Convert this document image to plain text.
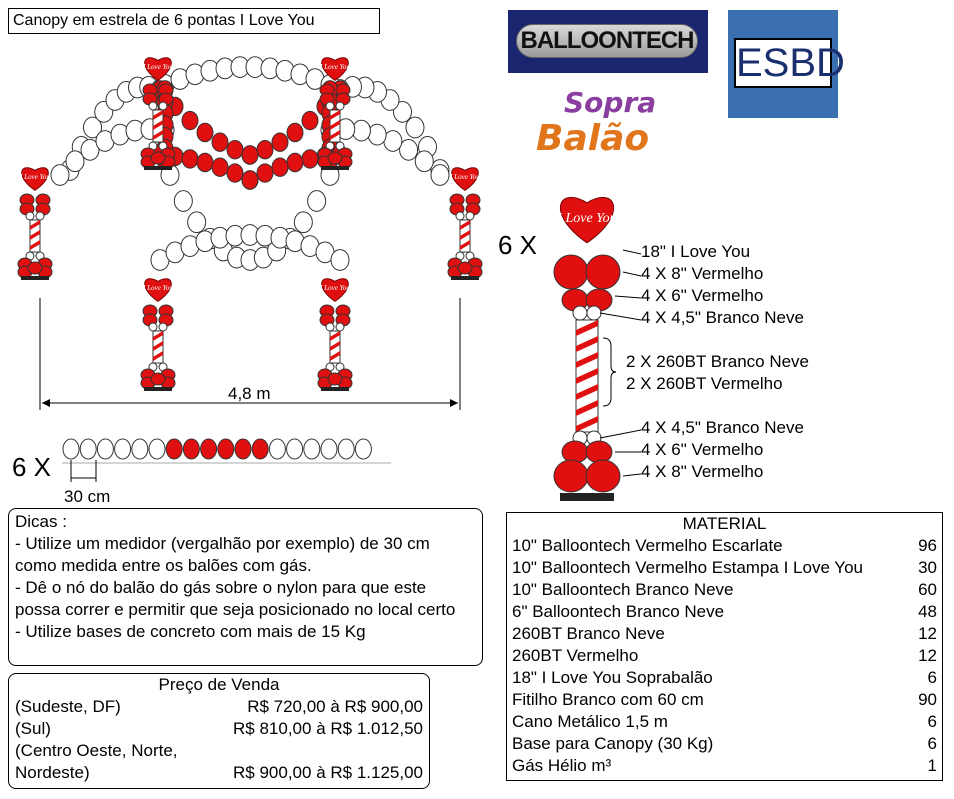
Canopy em estrela de 6 pontas I Love You
BALLOONTECH
ESBD
Sopra
Balão
I Love You	I Love You
I Love You	I Love You
I Love You	I Love You
I Love You
4,8 m
6 X
30 cm
6 X	18" I Love You
4 X 8" Vermelho
4 X 6" Vermelho
4 X 4,5" Branco Neve
2 X 260BT Branco Neve
2 X 260BT Vermelho
4 X 4,5" Branco Neve
4 X 6" Vermelho
4 X 8" Vermelho
Dicas :
- Utilize um medidor (vergalhão por exemplo) de 30 cm como medida entre os balões com gás.
- Dê o nó do balão do gás sobre o nylon para que este possa correr e permitir que seja posicionado no local certo
- Utilize bases de concreto com mais de 15 Kg
Preço de Venda
(Sudeste, DF)	R$ 720,00 à R$ 900,00
(Sul)	R$ 810,00 à R$ 1.012,50
(Centro Oeste, Norte,
Nordeste)	R$ 900,00 à R$ 1.125,00
MATERIAL
10" Balloontech Vermelho Escarlate	96
10" Balloontech Vermelho Estampa I Love You	30
10" Balloontech Branco Neve	60
6" Balloontech Branco Neve	48
260BT Branco Neve	12
260BT Vermelho	12
18" I Love You Soprabalão	6
Fitilho Branco com 60 cm	90
Cano Metálico 1,5 m	6
Base para Canopy (30 Kg)	6
Gás Hélio m³	1
